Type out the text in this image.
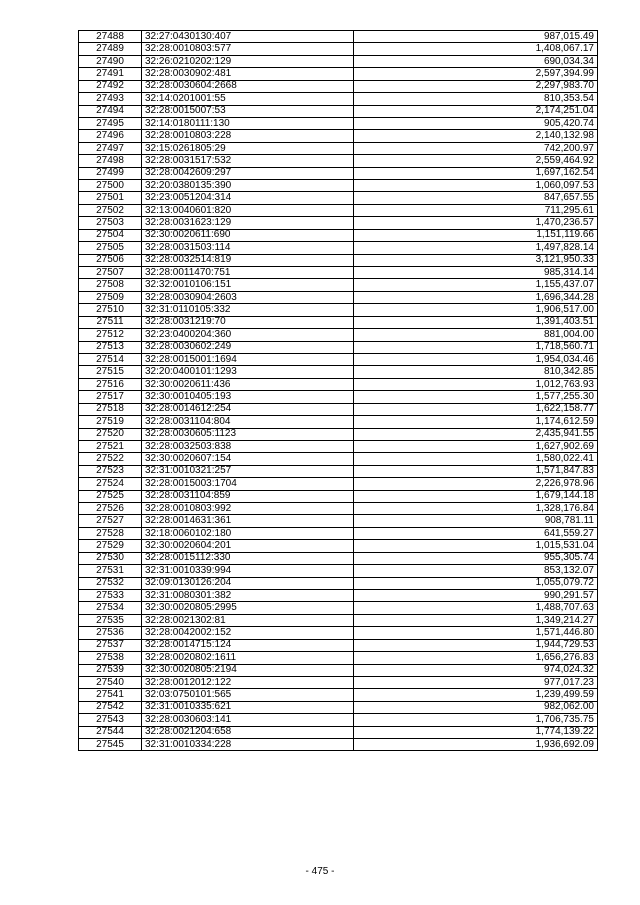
27488	32:27:0430130:407	987,015.49
27489	32:28:0010803:577	1,408,067.17
27490	32:26:0210202:129	690,034.34
27491	32:28:0030902:481	2,597,394.99
27492	32:28:0030604:2668	2,297,983.70
27493	32:14:0201001:55	810,353.54
27494	32:28:0015007:53	2,174,251.04
27495	32:14:0180111:130	905,420.74
27496	32:28:0010803:228	2,140,132.98
27497	32:15:0261805:29	742,200.97
27498	32:28:0031517:532	2,559,464.92
27499	32:28:0042609:297	1,697,162.54
27500	32:20:0380135:390	1,060,097.53
27501	32:23:0051204:314	847,657.55
27502	32:13:0040601:820	711,295.61
27503	32:28:0031623:129	1,470,236.57
27504	32:30:0020611:690	1,151,119.66
27505	32:28:0031503:114	1,497,828.14
27506	32:28:0032514:819	3,121,950.33
27507	32:28:0011470:751	985,314.14
27508	32:32:0010106:151	1,155,437.07
27509	32:28:0030904:2603	1,696,344.28
27510	32:31:0110105:332	1,906,517.00
27511	32:28:0031219:70	1,391,403.51
27512	32:23:0400204:360	881,004.00
27513	32:28:0030602:249	1,718,560.71
27514	32:28:0015001:1694	1,954,034.46
27515	32:20:0400101:1293	810,342.85
27516	32:30:0020611:436	1,012,763.93
27517	32:30:0010405:193	1,577,255.30
27518	32:28:0014612:254	1,622,158.77
27519	32:28:0031104:804	1,174,612.59
27520	32:28:0030605:1123	2,435,941.55
27521	32:28:0032503:838	1,627,902.69
27522	32:30:0020607:154	1,580,022.41
27523	32:31:0010321:257	1,571,847.83
27524	32:28:0015003:1704	2,226,978.96
27525	32:28:0031104:859	1,679,144.18
27526	32:28:0010803:992	1,328,176.84
27527	32:28:0014631:361	908,781.11
27528	32:18:0060102:180	641,559.27
27529	32:30:0020604:201	1,015,531.04
27530	32:28:0015112:330	955,305.74
27531	32:31:0010339:994	853,132.07
27532	32:09:0130126:204	1,055,079.72
27533	32:31:0080301:382	990,291.57
27534	32:30:0020805:2995	1,488,707.63
27535	32:28:0021302:81	1,349,214.27
27536	32:28:0042002:152	1,571,446.80
27537	32:28:0014715:124	1,944,729.53
27538	32:28:0020802:1611	1,656,276.83
27539	32:30:0020805:2194	974,024.32
27540	32:28:0012012:122	977,017.23
27541	32:03:0750101:565	1,239,499.59
27542	32:31:0010335:621	982,062.00
27543	32:28:0030603:141	1,706,735.75
27544	32:28:0021204:658	1,774,139.22
27545	32:31:0010334:228	1,936,692.09
- 475 -
